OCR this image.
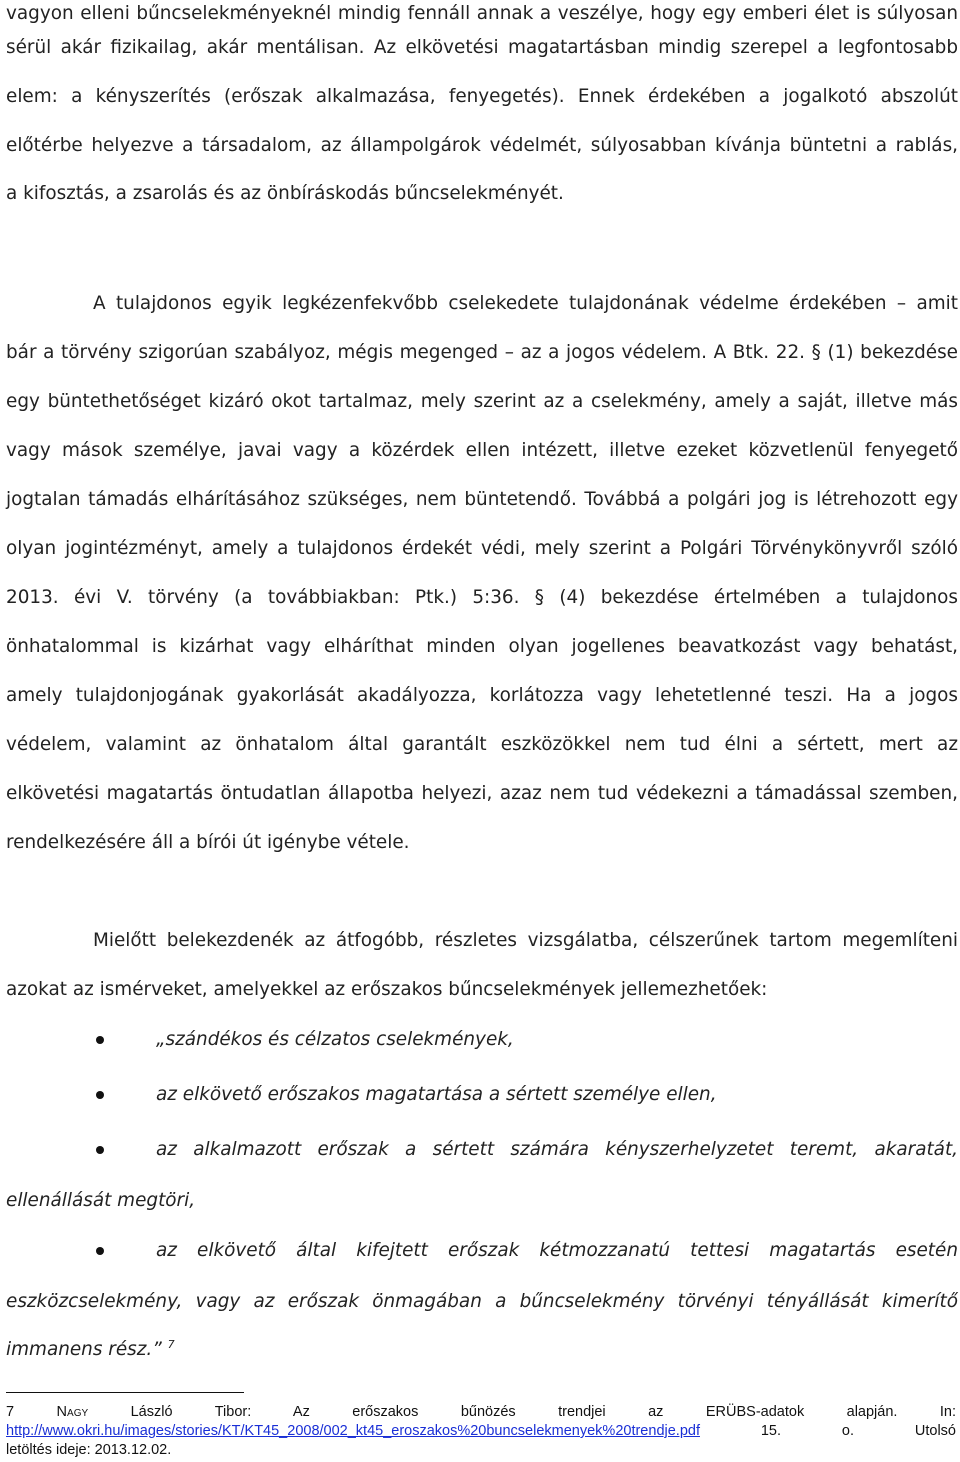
vagyon elleni bűncselekményeknél mindig fennáll annak a veszélye, hogy egy emberi élet is súlyosan
sérül akár fizikailag, akár mentálisan. Az elkövetési magatartásban mindig szerepel a legfontosabb
elem: a kényszerítés (erőszak alkalmazása, fenyegetés). Ennek érdekében a jogalkotó abszolút
előtérbe helyezve a társadalom, az állampolgárok védelmét, súlyosabban kívánja büntetni a rablás,
a kifosztás, a zsarolás és az önbíráskodás bűncselekményét.
A tulajdonos egyik legkézenfekvőbb cselekedete tulajdonának védelme érdekében – amit
bár a törvény szigorúan szabályoz, mégis megenged – az a jogos védelem. A Btk. 22. § (1) bekezdése
egy büntethetőséget kizáró okot tartalmaz, mely szerint az a cselekmény, amely a saját, illetve más
vagy mások személye, javai vagy a közérdek ellen intézett, illetve ezeket közvetlenül fenyegető
jogtalan támadás elhárításához szükséges, nem büntetendő. Továbbá a polgári jog is létrehozott egy
olyan jogintézményt, amely a tulajdonos érdekét védi, mely szerint a Polgári Törvénykönyvről szóló
2013. évi V. törvény (a továbbiakban: Ptk.) 5:36. § (4) bekezdése értelmében a tulajdonos
önhatalommal is kizárhat vagy elháríthat minden olyan jogellenes beavatkozást vagy behatást,
amely tulajdonjogának gyakorlását akadályozza, korlátozza vagy lehetetlenné teszi. Ha a jogos
védelem, valamint az önhatalom által garantált eszközökkel nem tud élni a sértett, mert az
elkövetési magatartás öntudatlan állapotba helyezi, azaz nem tud védekezni a támadással szemben,
rendelkezésére áll a bírói út igénybe vétele.
Mielőtt belekezdenék az átfogóbb, részletes vizsgálatba, célszerűnek tartom megemlíteni
azokat az ismérveket, amelyekkel az erőszakos bűncselekmények jellemezhetőek:
„szándékos és célzatos cselekmények,
az elkövető erőszakos magatartása a sértett személye ellen,
az alkalmazott erőszak a sértett számára kényszerhelyzetet teremt, akaratát,
ellenállását megtöri,
az elkövető által kifejtett erőszak kétmozzanatú tettesi magatartás esetén
eszközcselekmény, vagy az erőszak önmagában a bűncselekmény törvényi tényállását kimerítő
immanens rész.” $^7$
7	Nagy	László Tibor: Az erőszakos bűnözés trendjei az ERÜBS-adatok alapján. In:
http://www.okri.hu/images/stories/KT/KT45_2008/002_kt45_eroszakos%20buncselekmenyek%20trendje.pdf	15.	o.	Utolsó
letöltés ideje: 2013.12.02.
